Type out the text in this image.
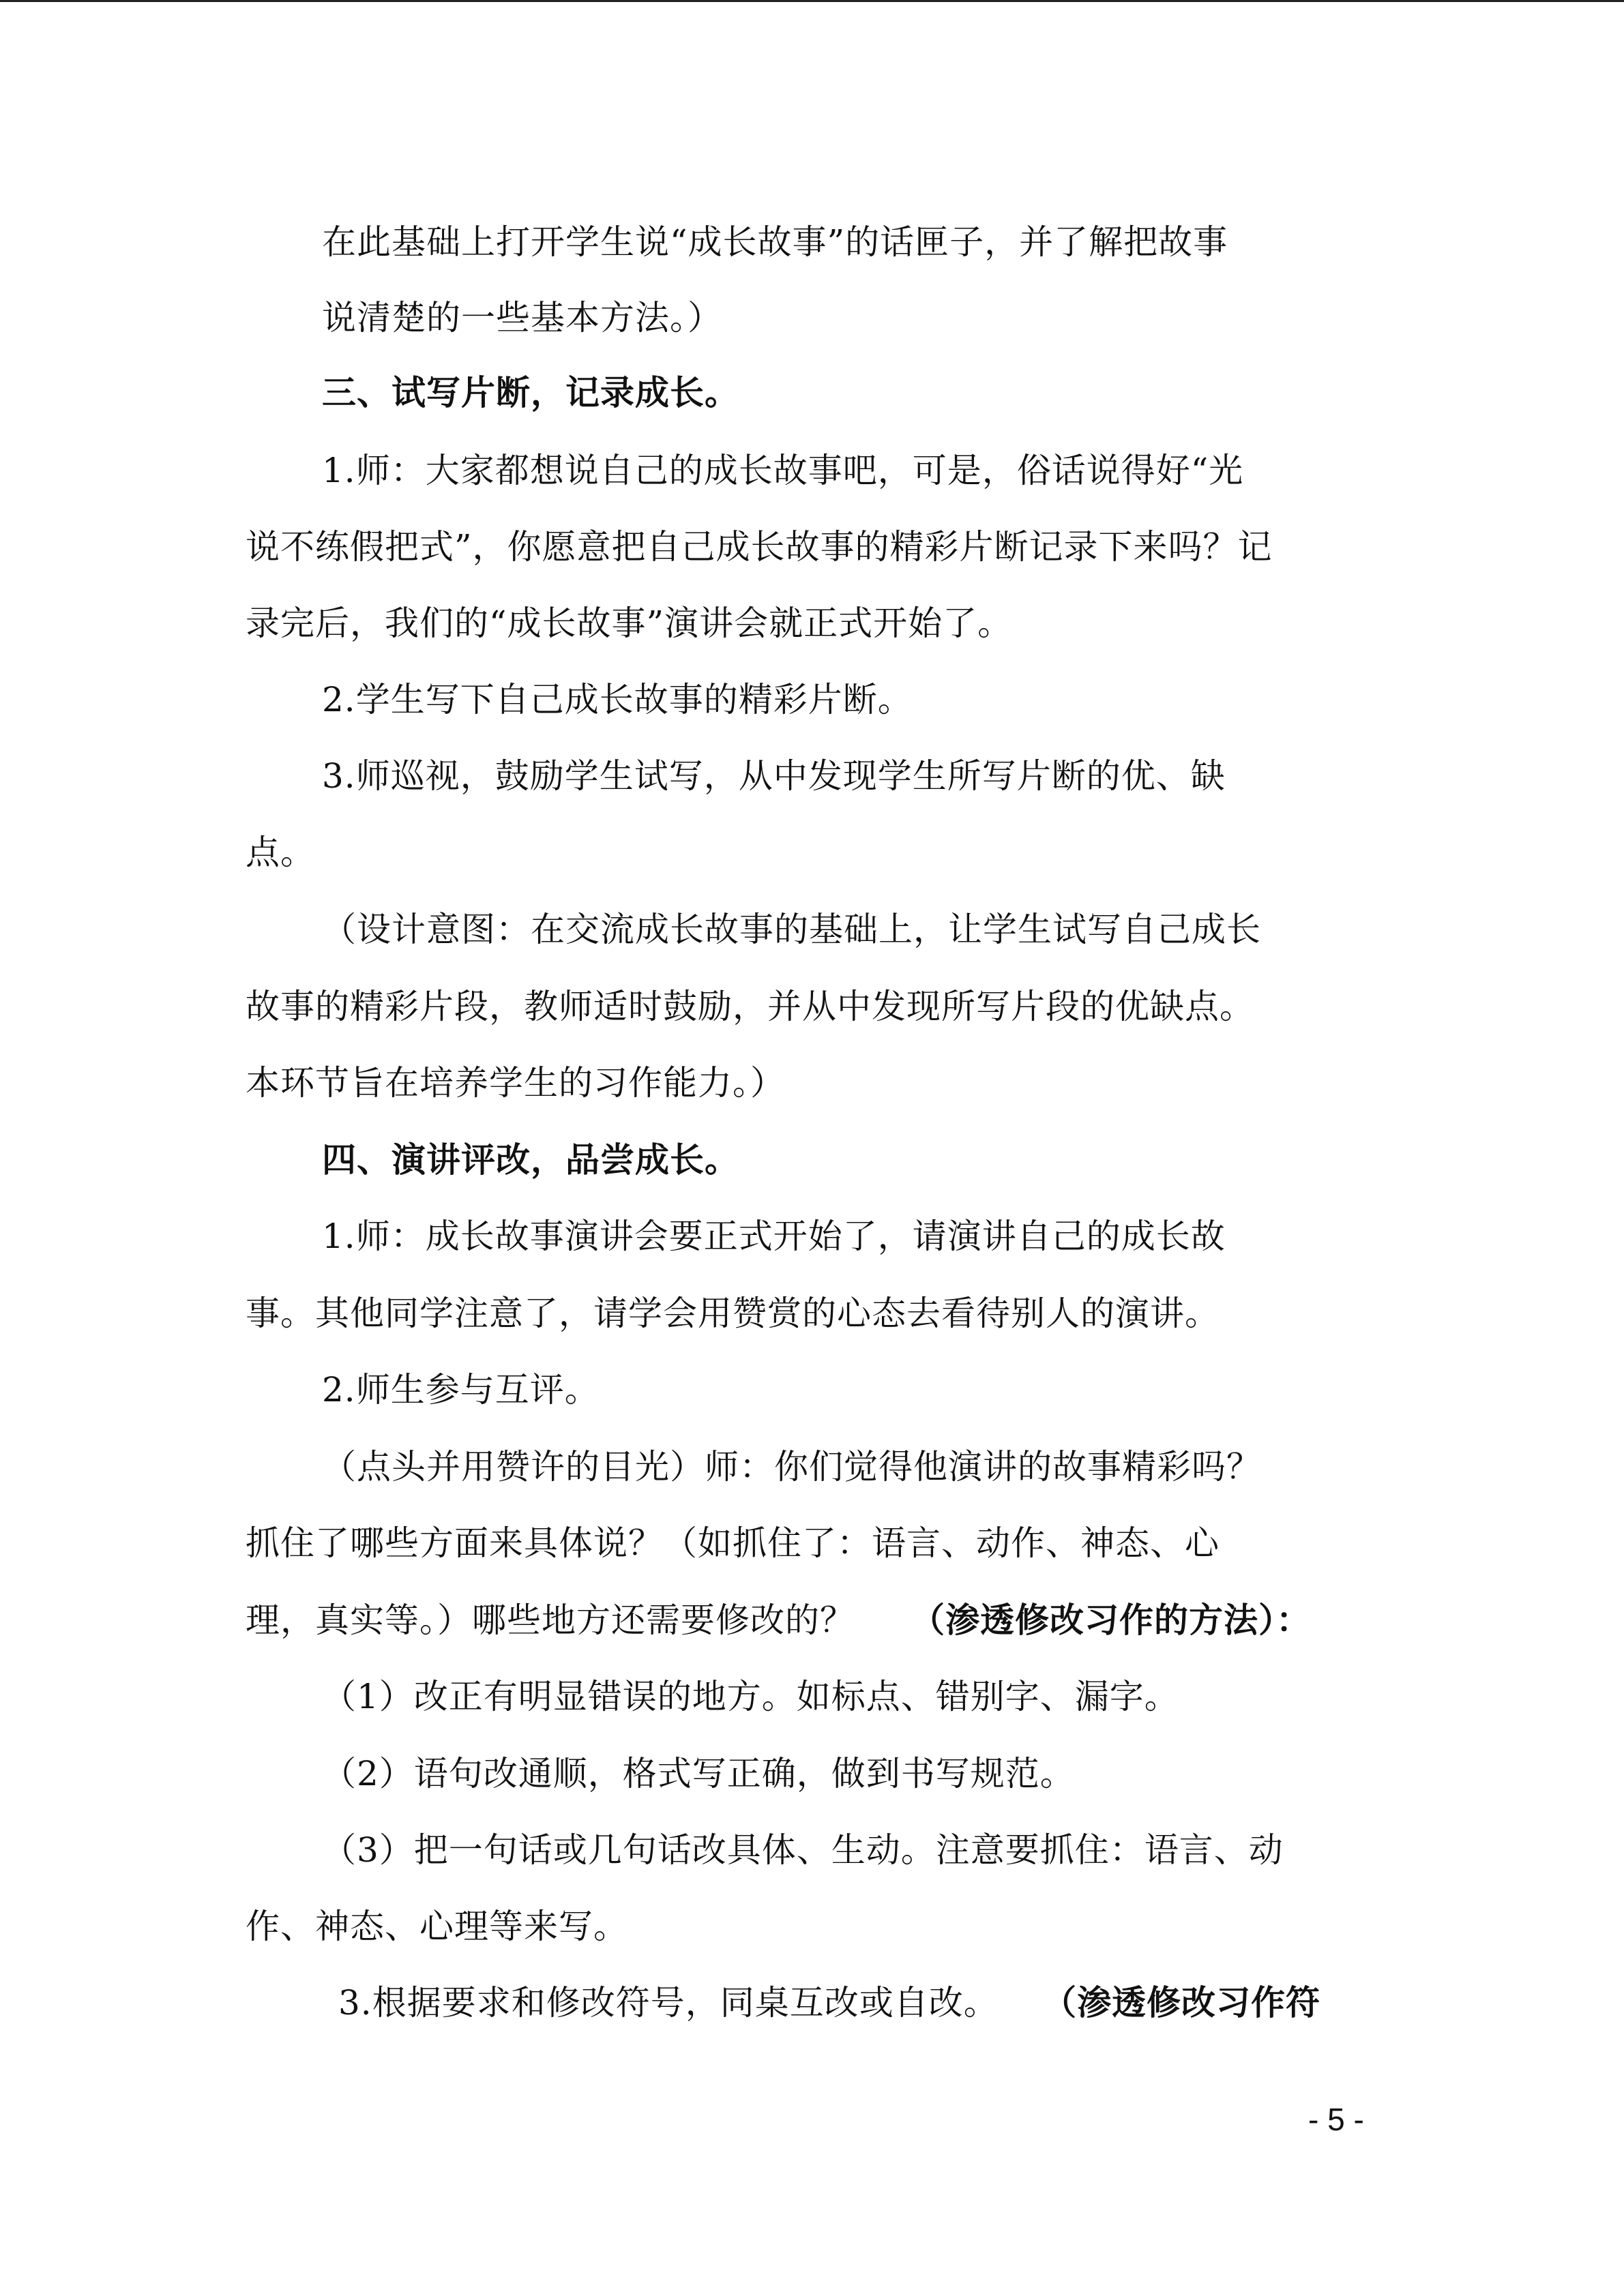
在此基础上打开学生说“成长故事”的话匣子，并了解把故事
说清楚的一些基本方法。）
三、试写片断，记录成长。
1.师：大家都想说自己的成长故事吧，可是，俗话说得好“光
说不练假把式”，你愿意把自己成长故事的精彩片断记录下来吗？记
录完后，我们的“成长故事”演讲会就正式开始了。
2.学生写下自己成长故事的精彩片断。
3.师巡视，鼓励学生试写，从中发现学生所写片断的优、缺
点。
（设计意图：在交流成长故事的基础上，让学生试写自己成长
故事的精彩片段，教师适时鼓励，并从中发现所写片段的优缺点。
本环节旨在培养学生的习作能力。）
四、演讲评改，品尝成长。
1.师：成长故事演讲会要正式开始了，请演讲自己的成长故
事。其他同学注意了，请学会用赞赏的心态去看待别人的演讲。
2.师生参与互评。
（点头并用赞许的目光）师：你们觉得他演讲的故事精彩吗？
抓住了哪些方面来具体说？（如抓住了：语言、动作、神态、心
理，真实等。）哪些地方还需要修改的？ （渗透修改习作的方法）：
（1）改正有明显错误的地方。如标点、错别字、漏字。
（2）语句改通顺，格式写正确，做到书写规范。
（3）把一句话或几句话改具体、生动。注意要抓住：语言、动
作、神态、心理等来写。
3.根据要求和修改符号，同桌互改或自改。 （渗透修改习作符
- 5 -
